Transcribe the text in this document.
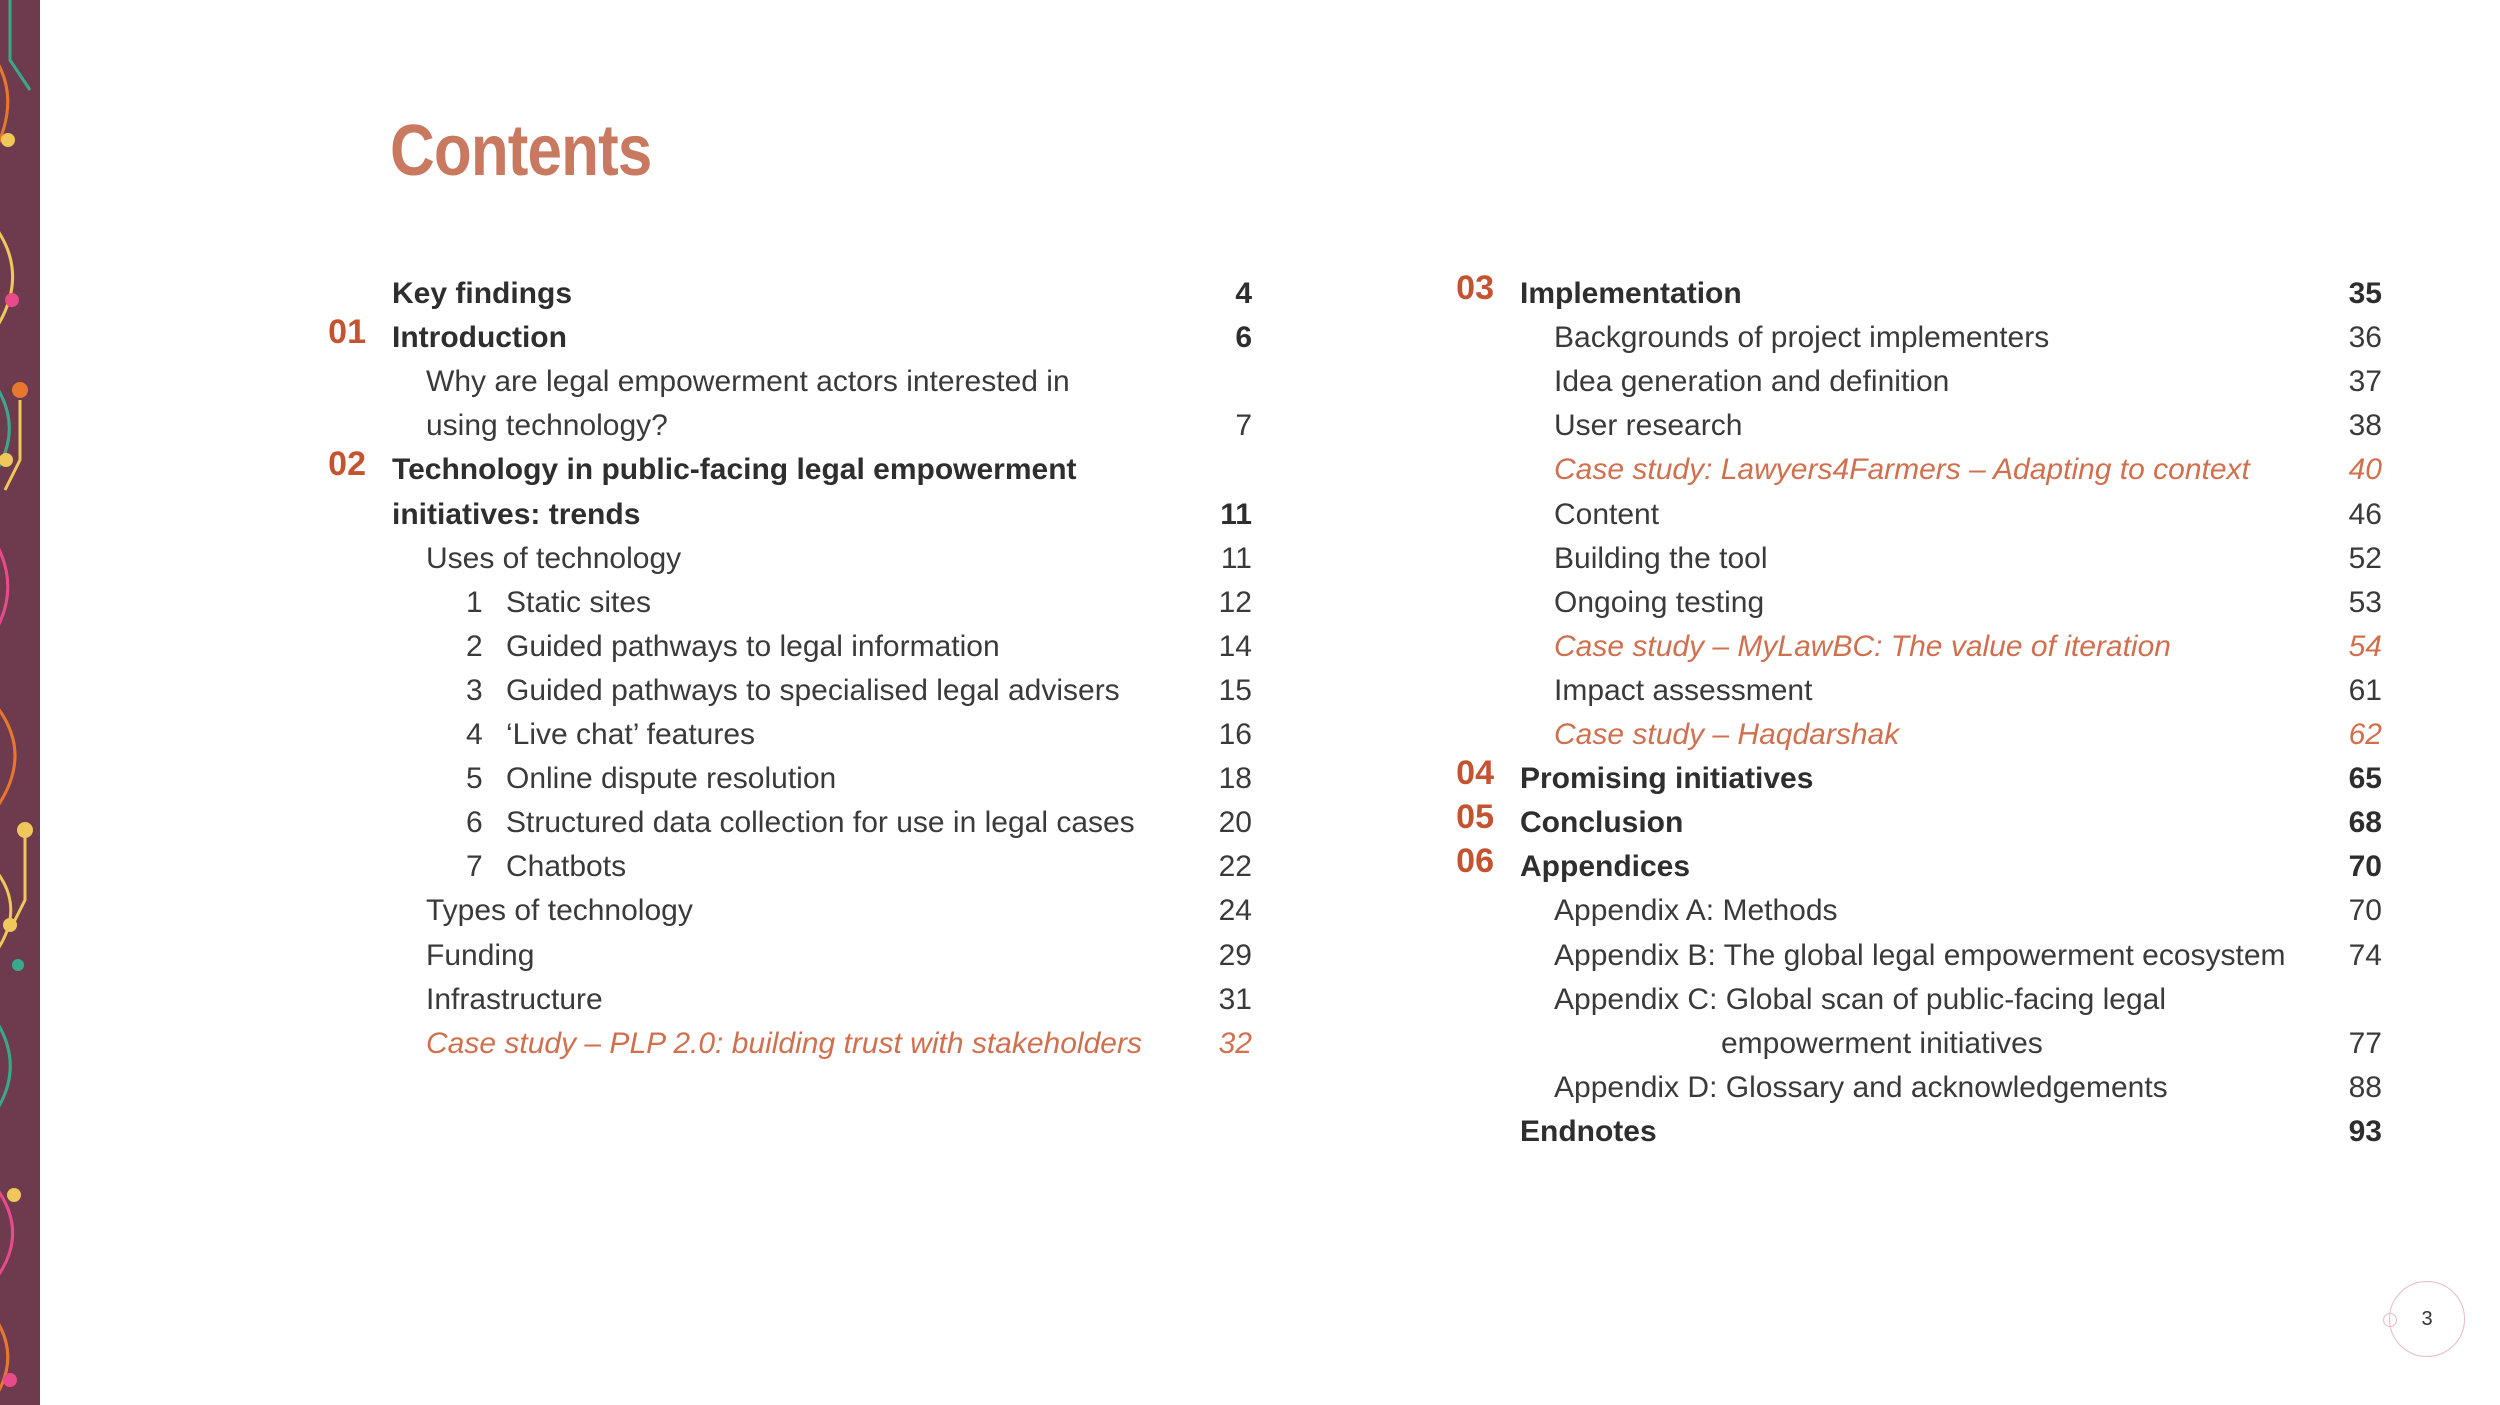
Contents
Key findings	4
01 Introduction	6
Why are legal empowerment actors interested in
using technology?	7
02 Technology in public-facing legal empowerment
initiatives: trends	11
Uses of technology	11
1 Static sites	12
2 Guided pathways to legal information	14
3 Guided pathways to specialised legal advisers	15
4 ‘Live chat’ features	16
5 Online dispute resolution	18
6 Structured data collection for use in legal cases	20
7 Chatbots	22
Types of technology	24
Funding	29
Infrastructure	31
Case study – PLP 2.0: building trust with stakeholders	32
03 Implementation	35
Backgrounds of project implementers	36
Idea generation and definition	37
User research	38
Case study: Lawyers4Farmers – Adapting to context	40
Content	46
Building the tool	52
Ongoing testing	53
Case study – MyLawBC: The value of iteration	54
Impact assessment	61
Case study – Haqdarshak	62
04 Promising initiatives	65
05 Conclusion	68
06 Appendices	70
Appendix A: Methods	70
Appendix B: The global legal empowerment ecosystem	74
Appendix C: Global scan of public-facing legal
empowerment initiatives	77
Appendix D: Glossary and acknowledgements	88
Endnotes	93
3
